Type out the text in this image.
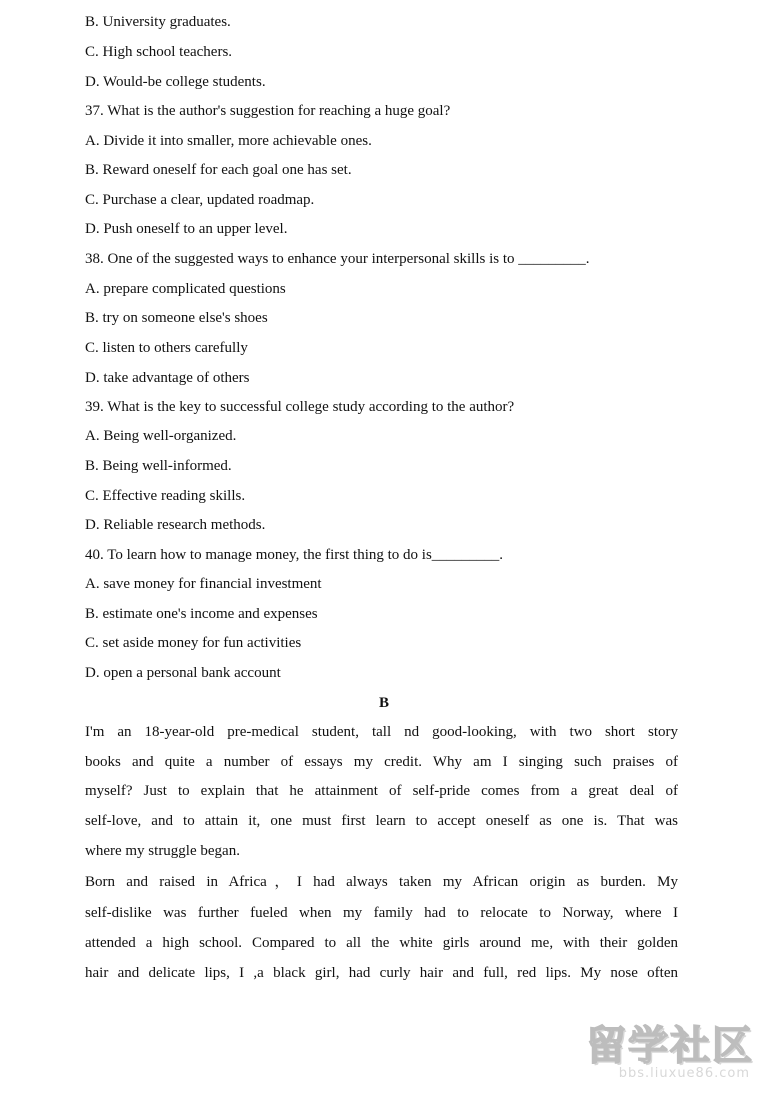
B. University graduates.
C. High school teachers.
D. Would-be college students.
37. What is the author's suggestion for reaching a huge goal?
A. Divide it into smaller, more achievable ones.
B. Reward oneself for each goal one has set.
C. Purchase a clear, updated roadmap.
D. Push oneself to an upper level.
38. One of the suggested ways to enhance your interpersonal skills is to _________.
A. prepare complicated questions
B. try on someone else's shoes
C. listen to others carefully
D. take advantage of others
39. What is the key to successful college study according to the author?
A. Being well-organized.
B. Being well-informed.
C. Effective reading skills.
D. Reliable research methods.
40. To learn how to manage money, the first thing to do is_________.
A. save money for financial investment
B. estimate one's income and expenses
C. set aside money for fun activities
D. open a personal bank account
B
I'm an 18-year-old pre-medical student, tall nd good-looking, with two short story
books and quite a number of essays my credit. Why am I singing such praises of
myself? Just to explain that he attainment of self-pride comes from a great deal of
self-love, and to attain it, one must first learn to accept oneself as one is. That was
where my struggle began.
Born and raised in Africa，I had always taken my African origin as burden. My
self-dislike was further fueled when my family had to relocate to Norway, where I
attended a high school. Compared to all the white girls around me, with their golden
hair and delicate lips, I ,a black girl, had curly hair and full, red lips. My nose often
留学社区
bbs.liuxue86.com
